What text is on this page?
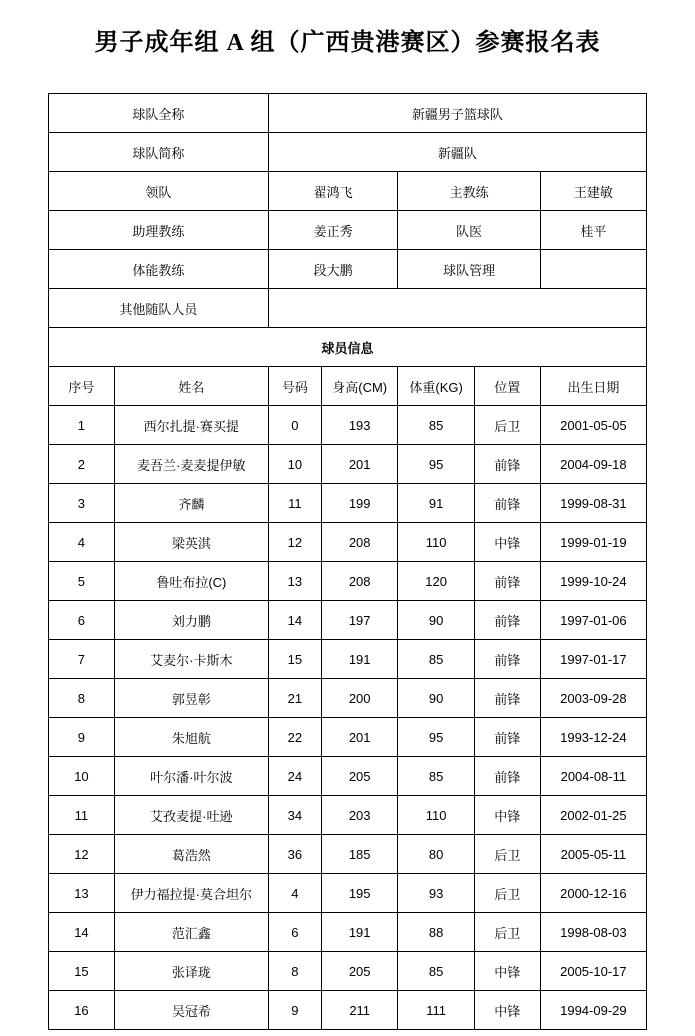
男子成年组 A 组（广西贵港赛区）参赛报名表
球队全称		新疆男子篮球队				
球队简称		新疆队				
领队		翟鸿飞		主教练		王建敏
助理教练		姜正秀		队医		桂平
体能教练		段大鹏		球队管理		
其他随队人员						
球员信息						
序号	姓名	号码	身高(CM)	体重(KG)	位置	出生日期
1	西尔扎提·赛买提	0	193	85	后卫	2001-05-05
2	麦吾兰·麦麦提伊敏	10	201	95	前锋	2004-09-18
3	齐麟	11	199	91	前锋	1999-08-31
4	梁英淇	12	208	110	中锋	1999-01-19
5	鲁吐布拉(C)	13	208	120	前锋	1999-10-24
6	刘力鹏	14	197	90	前锋	1997-01-06
7	艾麦尔·卡斯木	15	191	85	前锋	1997-01-17
8	郭昱彰	21	200	90	前锋	2003-09-28
9	朱旭航	22	201	95	前锋	1993-12-24
10	叶尔潘·叶尔波	24	205	85	前锋	2004-08-11
11	艾孜麦提·吐逊	34	203	110	中锋	2002-01-25
12	葛浩然	36	185	80	后卫	2005-05-11
13	伊力福拉提·莫合坦尔	4	195	93	后卫	2000-12-16
14	范汇鑫	6	191	88	后卫	1998-08-03
15	张译珑	8	205	85	中锋	2005-10-17
16	吴冠希	9	211	111	中锋	1994-09-29
